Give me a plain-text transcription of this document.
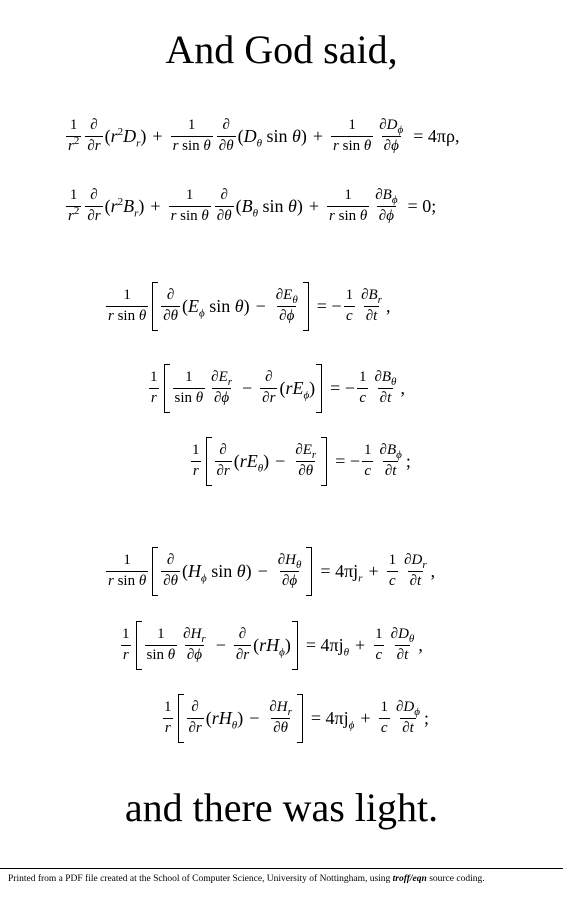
And God said,
$\frac{1}{r^2} \frac{\partial}{\partial r} (r^2D_r) + \frac{1}{\text{r sin θ}} \frac{\partial}{\partial\theta} (D_\theta$ $\sin \theta) + \frac{1}{\text{r sin θ}} \frac{\partial D_\phi}{\partial\phi} = 4\pi\rho$,
$\frac{1}{r^2} \frac{\partial}{\partial r} (r^2B_r) + \frac{1}{\text{r sin θ}} \frac{\partial}{\partial\theta} (B_\theta$ $\sin \theta) + \frac{1}{\text{r sin θ}} \frac{\partial B_\phi}{\partial\phi} = 0$;
$\frac{1}{\text{r sin θ}} \frac{\partial}{\partial\theta} (E_\phi$ $\sin \theta) - \frac{\partial E_\theta}{\partial\phi}$ = − $\frac{1}{c} \frac{\partial B_r}{\partial t}$ ,
$\frac{1}{r} \frac{1}{\text{sin θ}} \frac{\partial E_r}{\partial\phi} - \frac{\partial}{\partial r} (rE_\phi)$ = − $\frac{1}{c} \frac{\partial B_\theta}{\partial t}$ ,
$\frac{1}{r} \frac{\partial}{\partial r} (rE_\theta) - \frac{\partial E_r}{\partial\theta}$ = − $\frac{1}{c} \frac{\partial B_\phi}{\partial t}$ ;
$\frac{1}{\text{r sin θ}} \frac{\partial}{\partial\theta} (H_\phi$ $\sin \theta) - \frac{\partial H_\theta}{\partial\phi} = 4\pi j_r + \frac{1}{c} \frac{\partial D_r}{\partial t}$ ,
$\frac{1}{r} \frac{1}{\text{sin θ}} \frac{\partial H_r}{\partial\phi} - \frac{\partial}{\partial r} (rH_\phi) = 4\pi j_\theta + \frac{1}{c} \frac{\partial D_\theta}{\partial t}$ ,
$\frac{1}{r} \frac{\partial}{\partial r} (rH_\theta) - \frac{\partial H_r}{\partial\theta} = 4\pi j_\phi + \frac{1}{c} \frac{\partial D_\phi}{\partial t}$ ;
and there was light.
Printed from a PDF file created at the School of Computer Science, University of Nottingham, using troff/eqn source coding.
